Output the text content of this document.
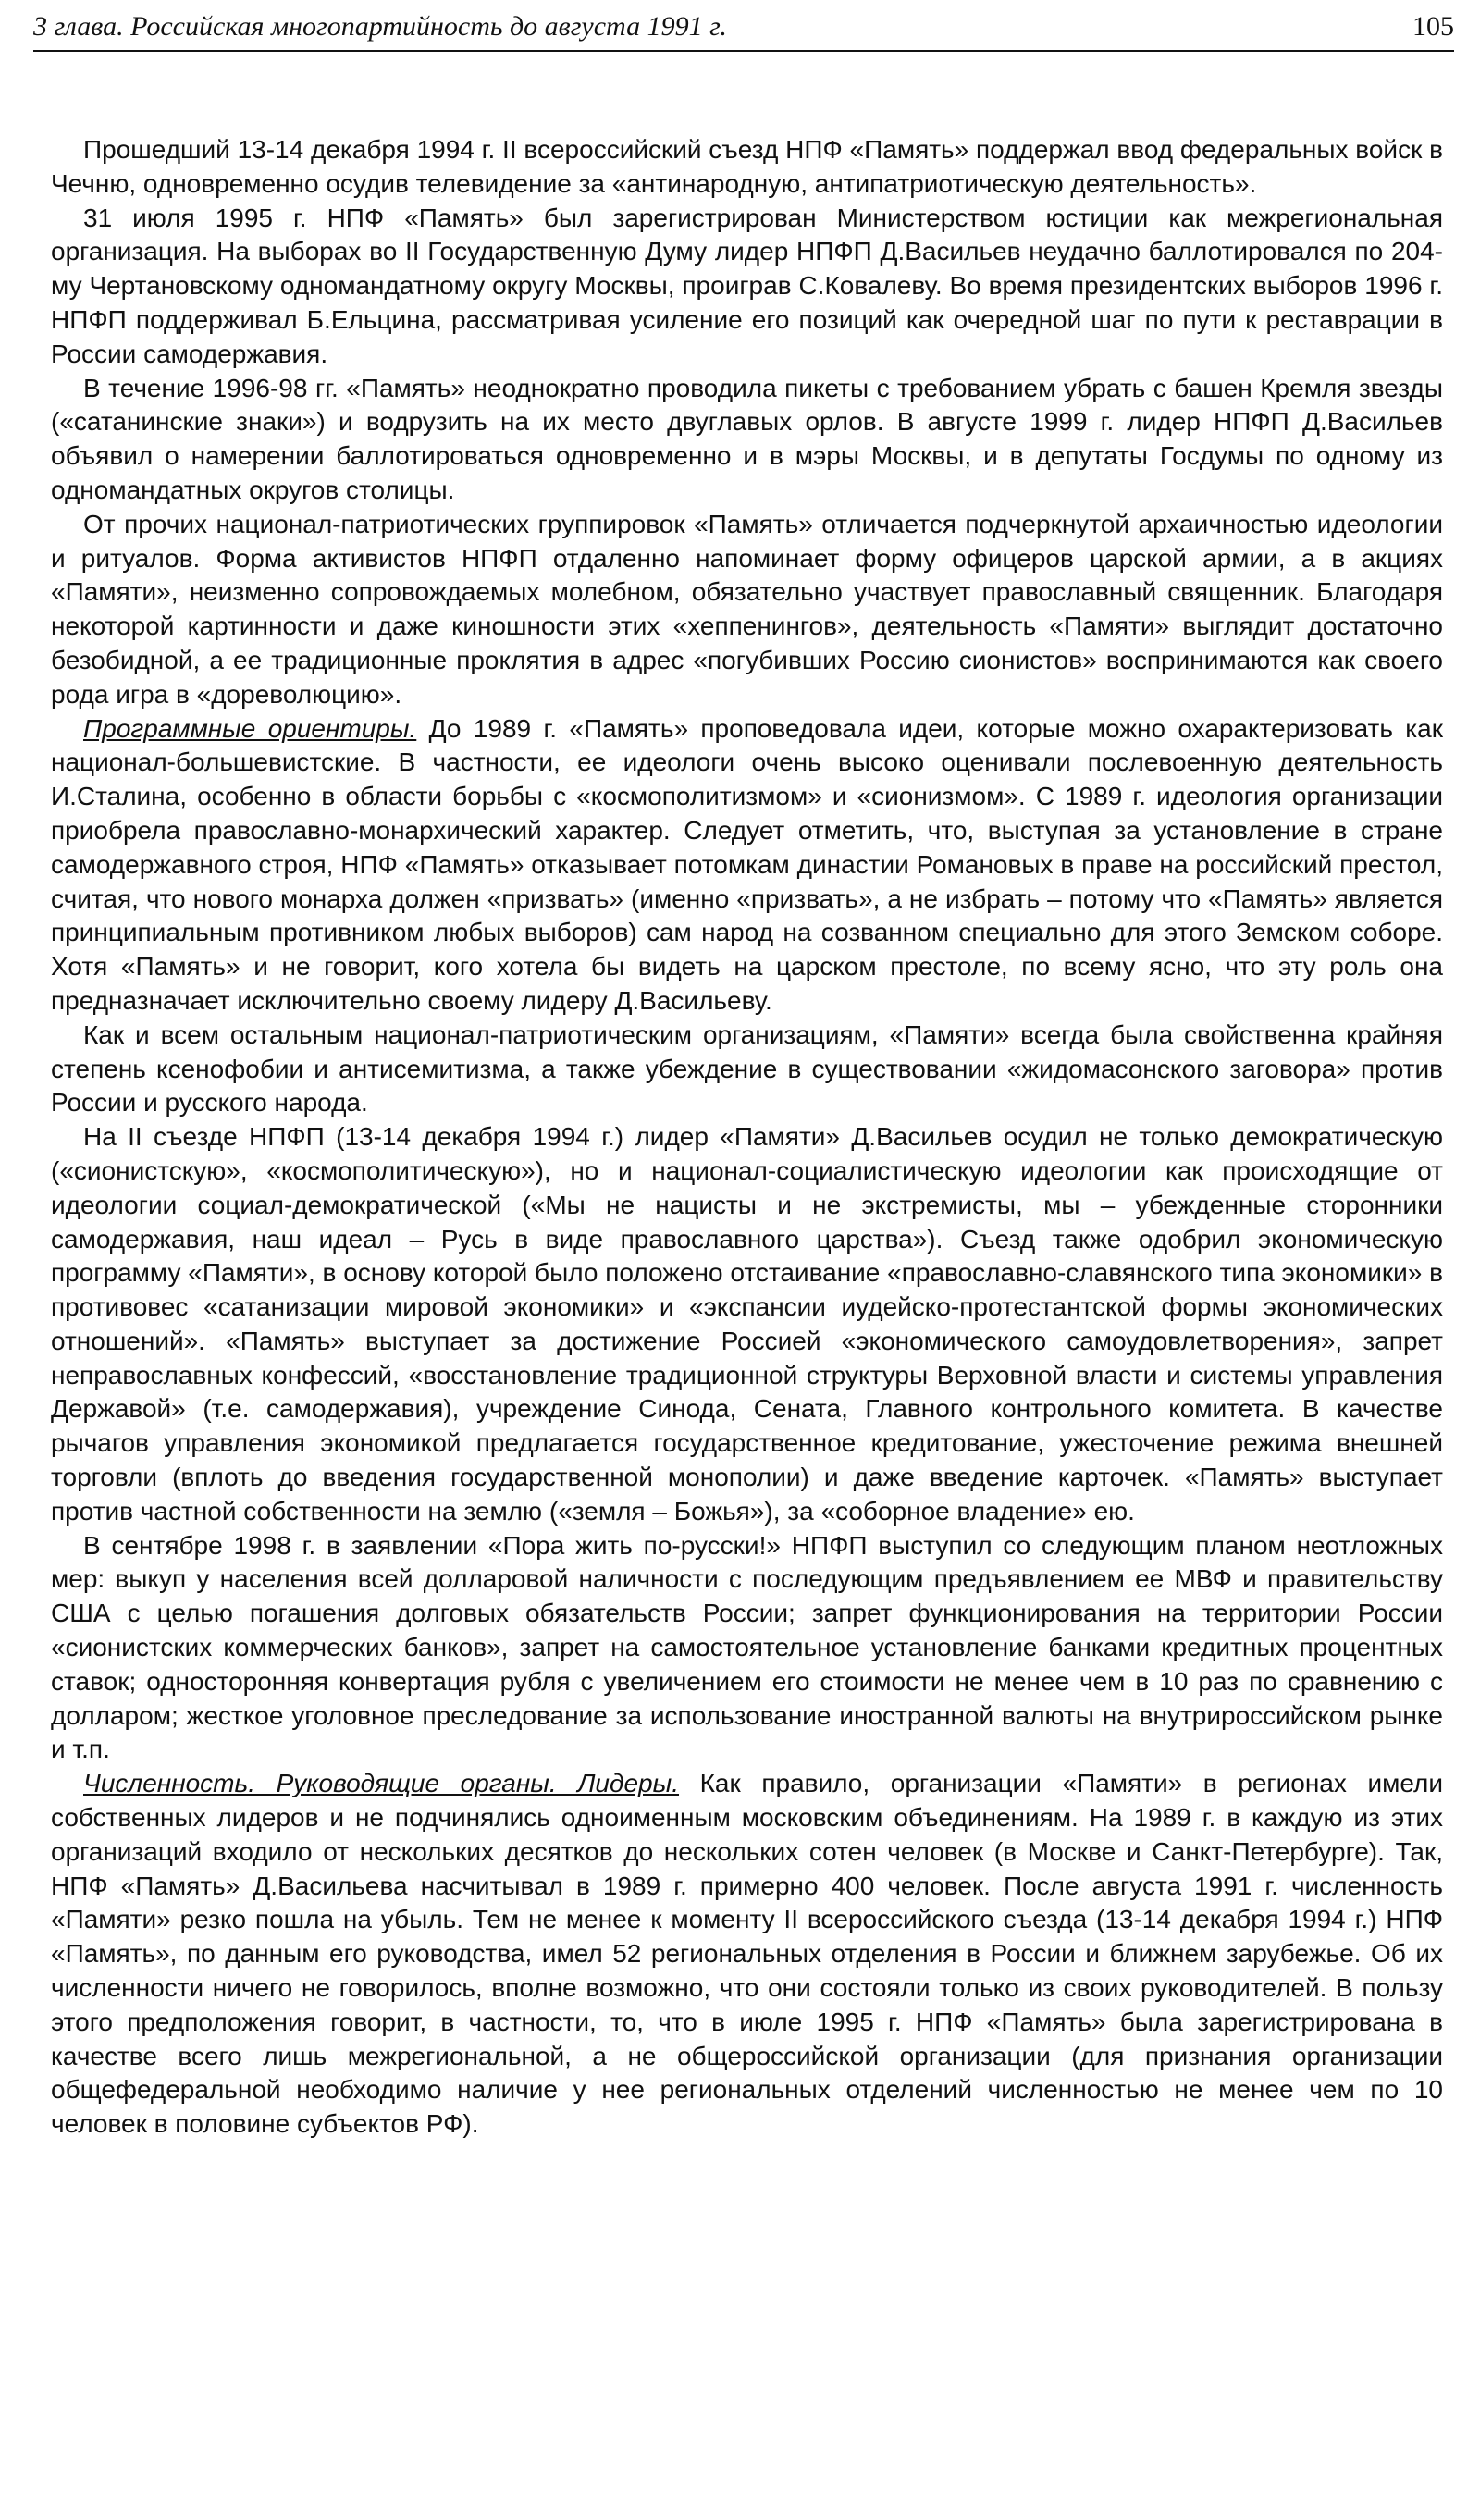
3 глава. Российская многопартийность до августа 1991 г.	105

Прошедший 13-14 декабря 1994 г. II всероссийский съезд НПФ «Память» поддержал ввод федеральных войск в Чечню, одновременно осудив телевидение за «антинародную, антипатриотическую деятельность».

31 июля 1995 г. НПФ «Память» был зарегистрирован Министерством юстиции как межрегиональная организация. На выборах во II Государственную Думу лидер НПФП Д.Васильев неудачно баллотировался по 204-му Чертановскому одномандатному округу Москвы, проиграв С.Ковалеву. Во время президентских выборов 1996 г. НПФП поддерживал Б.Ельцина, рассматривая усиление его позиций как очередной шаг по пути к реставрации в России самодержавия.

В течение 1996-98 гг. «Память» неоднократно проводила пикеты с требованием убрать с башен Кремля звезды («сатанинские знаки») и водрузить на их место двуглавых орлов. В августе 1999 г. лидер НПФП Д.Васильев объявил о намерении баллотироваться одновременно и в мэры Москвы, и в депутаты Госдумы по одному из одномандатных округов столицы.

От прочих национал-патриотических группировок «Память» отличается подчеркнутой архаичностью идеологии и ритуалов. Форма активистов НПФП отдаленно напоминает форму офицеров царской армии, а в акциях «Памяти», неизменно сопровождаемых молебном, обязательно участвует православный священник. Благодаря некоторой картинности и даже киношности этих «хеппенингов», деятельность «Памяти» выглядит достаточно безобидной, а ее традиционные проклятия в адрес «погубивших Россию сионистов» воспринимаются как своего рода игра в «дореволюцию».

Программные ориентиры. До 1989 г. «Память» проповедовала идеи, которые можно охарактеризовать как национал-большевистские. В частности, ее идеологи очень высоко оценивали послевоенную деятельность И.Сталина, особенно в области борьбы с «космополитизмом» и «сионизмом». С 1989 г. идеология организации приобрела православно-монархический характер. Следует отметить, что, выступая за установление в стране самодержавного строя, НПФ «Память» отказывает потомкам династии Романовых в праве на российский престол, считая, что нового монарха должен «призвать» (именно «призвать», а не избрать – потому что «Память» является принципиальным противником любых выборов) сам народ на созванном специально для этого Земском соборе. Хотя «Память» и не говорит, кого хотела бы видеть на царском престоле, по всему ясно, что эту роль она предназначает исключительно своему лидеру Д.Васильеву.

Как и всем остальным национал-патриотическим организациям, «Памяти» всегда была свойственна крайняя степень ксенофобии и антисемитизма, а также убеждение в существовании «жидомасонского заговора» против России и русского народа.

На II съезде НПФП (13-14 декабря 1994 г.) лидер «Памяти» Д.Васильев осудил не только демократическую («сионистскую», «космополитическую»), но и национал-социалистическую идеологии как происходящие от идеологии социал-демократической («Мы не нацисты и не экстремисты, мы – убежденные сторонники самодержавия, наш идеал – Русь в виде православного царства»). Съезд также одобрил экономическую программу «Памяти», в основу которой было положено отстаивание «православно-славянского типа экономики» в противовес «сатанизации мировой экономики» и «экспансии иудейско-протестантской формы экономических отношений». «Память» выступает за достижение Россией «экономического самоудовлетворения», запрет неправославных конфессий, «восстановление традиционной структуры Верховной власти и системы управления Державой» (т.е. самодержавия), учреждение Синода, Сената, Главного контрольного комитета. В качестве рычагов управления экономикой предлагается государственное кредитование, ужесточение режима внешней торговли (вплоть до введения государственной монополии) и даже введение карточек. «Память» выступает против частной собственности на землю («земля – Божья»), за «соборное владение» ею.

В сентябре 1998 г. в заявлении «Пора жить по-русски!» НПФП выступил со следующим планом неотложных мер: выкуп у населения всей долларовой наличности с последующим предъявлением ее МВФ и правительству США с целью погашения долговых обязательств России; запрет функционирования на территории России «сионистских коммерческих банков», запрет на самостоятельное установление банками кредитных процентных ставок; односторонняя конвертация рубля с увеличением его стоимости не менее чем в 10 раз по сравнению с долларом; жесткое уголовное преследование за использование иностранной валюты на внутрироссийском рынке и т.п.

Численность. Руководящие органы. Лидеры. Как правило, организации «Памяти» в регионах имели собственных лидеров и не подчинялись одноименным московским объединениям. На 1989 г. в каждую из этих организаций входило от нескольких десятков до нескольких сотен человек (в Москве и Санкт-Петербурге). Так, НПФ «Память» Д.Васильева насчитывал в 1989 г. примерно 400 человек. После августа 1991 г. численность «Памяти» резко пошла на убыль. Тем не менее к моменту II всероссийского съезда (13-14 декабря 1994 г.) НПФ «Память», по данным его руководства, имел 52 региональных отделения в России и ближнем зарубежье. Об их численности ничего не говорилось, вполне возможно, что они состояли только из своих руководителей. В пользу этого предположения говорит, в частности, то, что в июле 1995 г. НПФ «Память» была зарегистрирована в качестве всего лишь межрегиональной, а не общероссийской организации (для признания организации общефедеральной необходимо наличие у нее региональных отделений численностью не менее чем по 10 человек в половине субъектов РФ).
